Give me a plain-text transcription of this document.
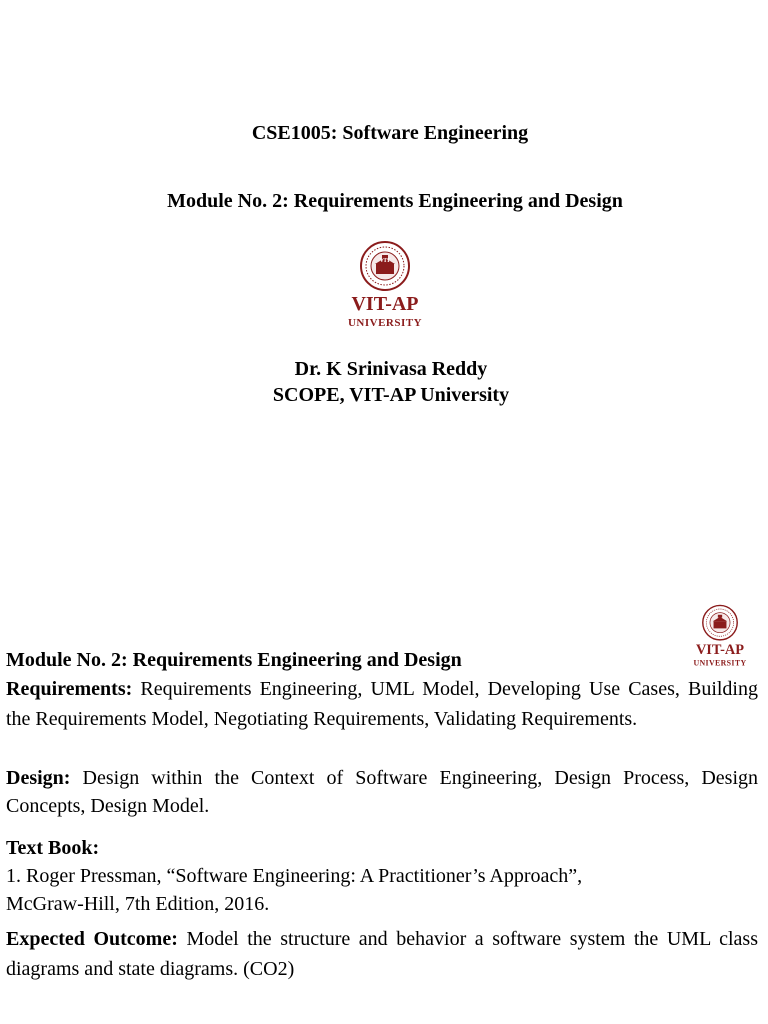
CSE1005: Software Engineering
Module No. 2: Requirements Engineering and Design
VIT
VIT-AP
UNIVERSITY
Dr. K Srinivasa Reddy
SCOPE, VIT-AP University
VIT-AP
UNIVERSITY

Module No. 2: Requirements Engineering and Design

Requirements: Requirements Engineering, UML Model, Developing Use Cases, Building the Requirements Model, Negotiating Requirements, Validating Requirements.

Design: Design within the Context of Software Engineering, Design Process, Design Concepts, Design Model.

Text Book:
1. Roger Pressman, “Software Engineering: A Practitioner’s Approach”,
McGraw-Hill, 7th Edition, 2016.

Expected Outcome: Model the structure and behavior a software system the UML class diagrams and state diagrams. (CO2)
